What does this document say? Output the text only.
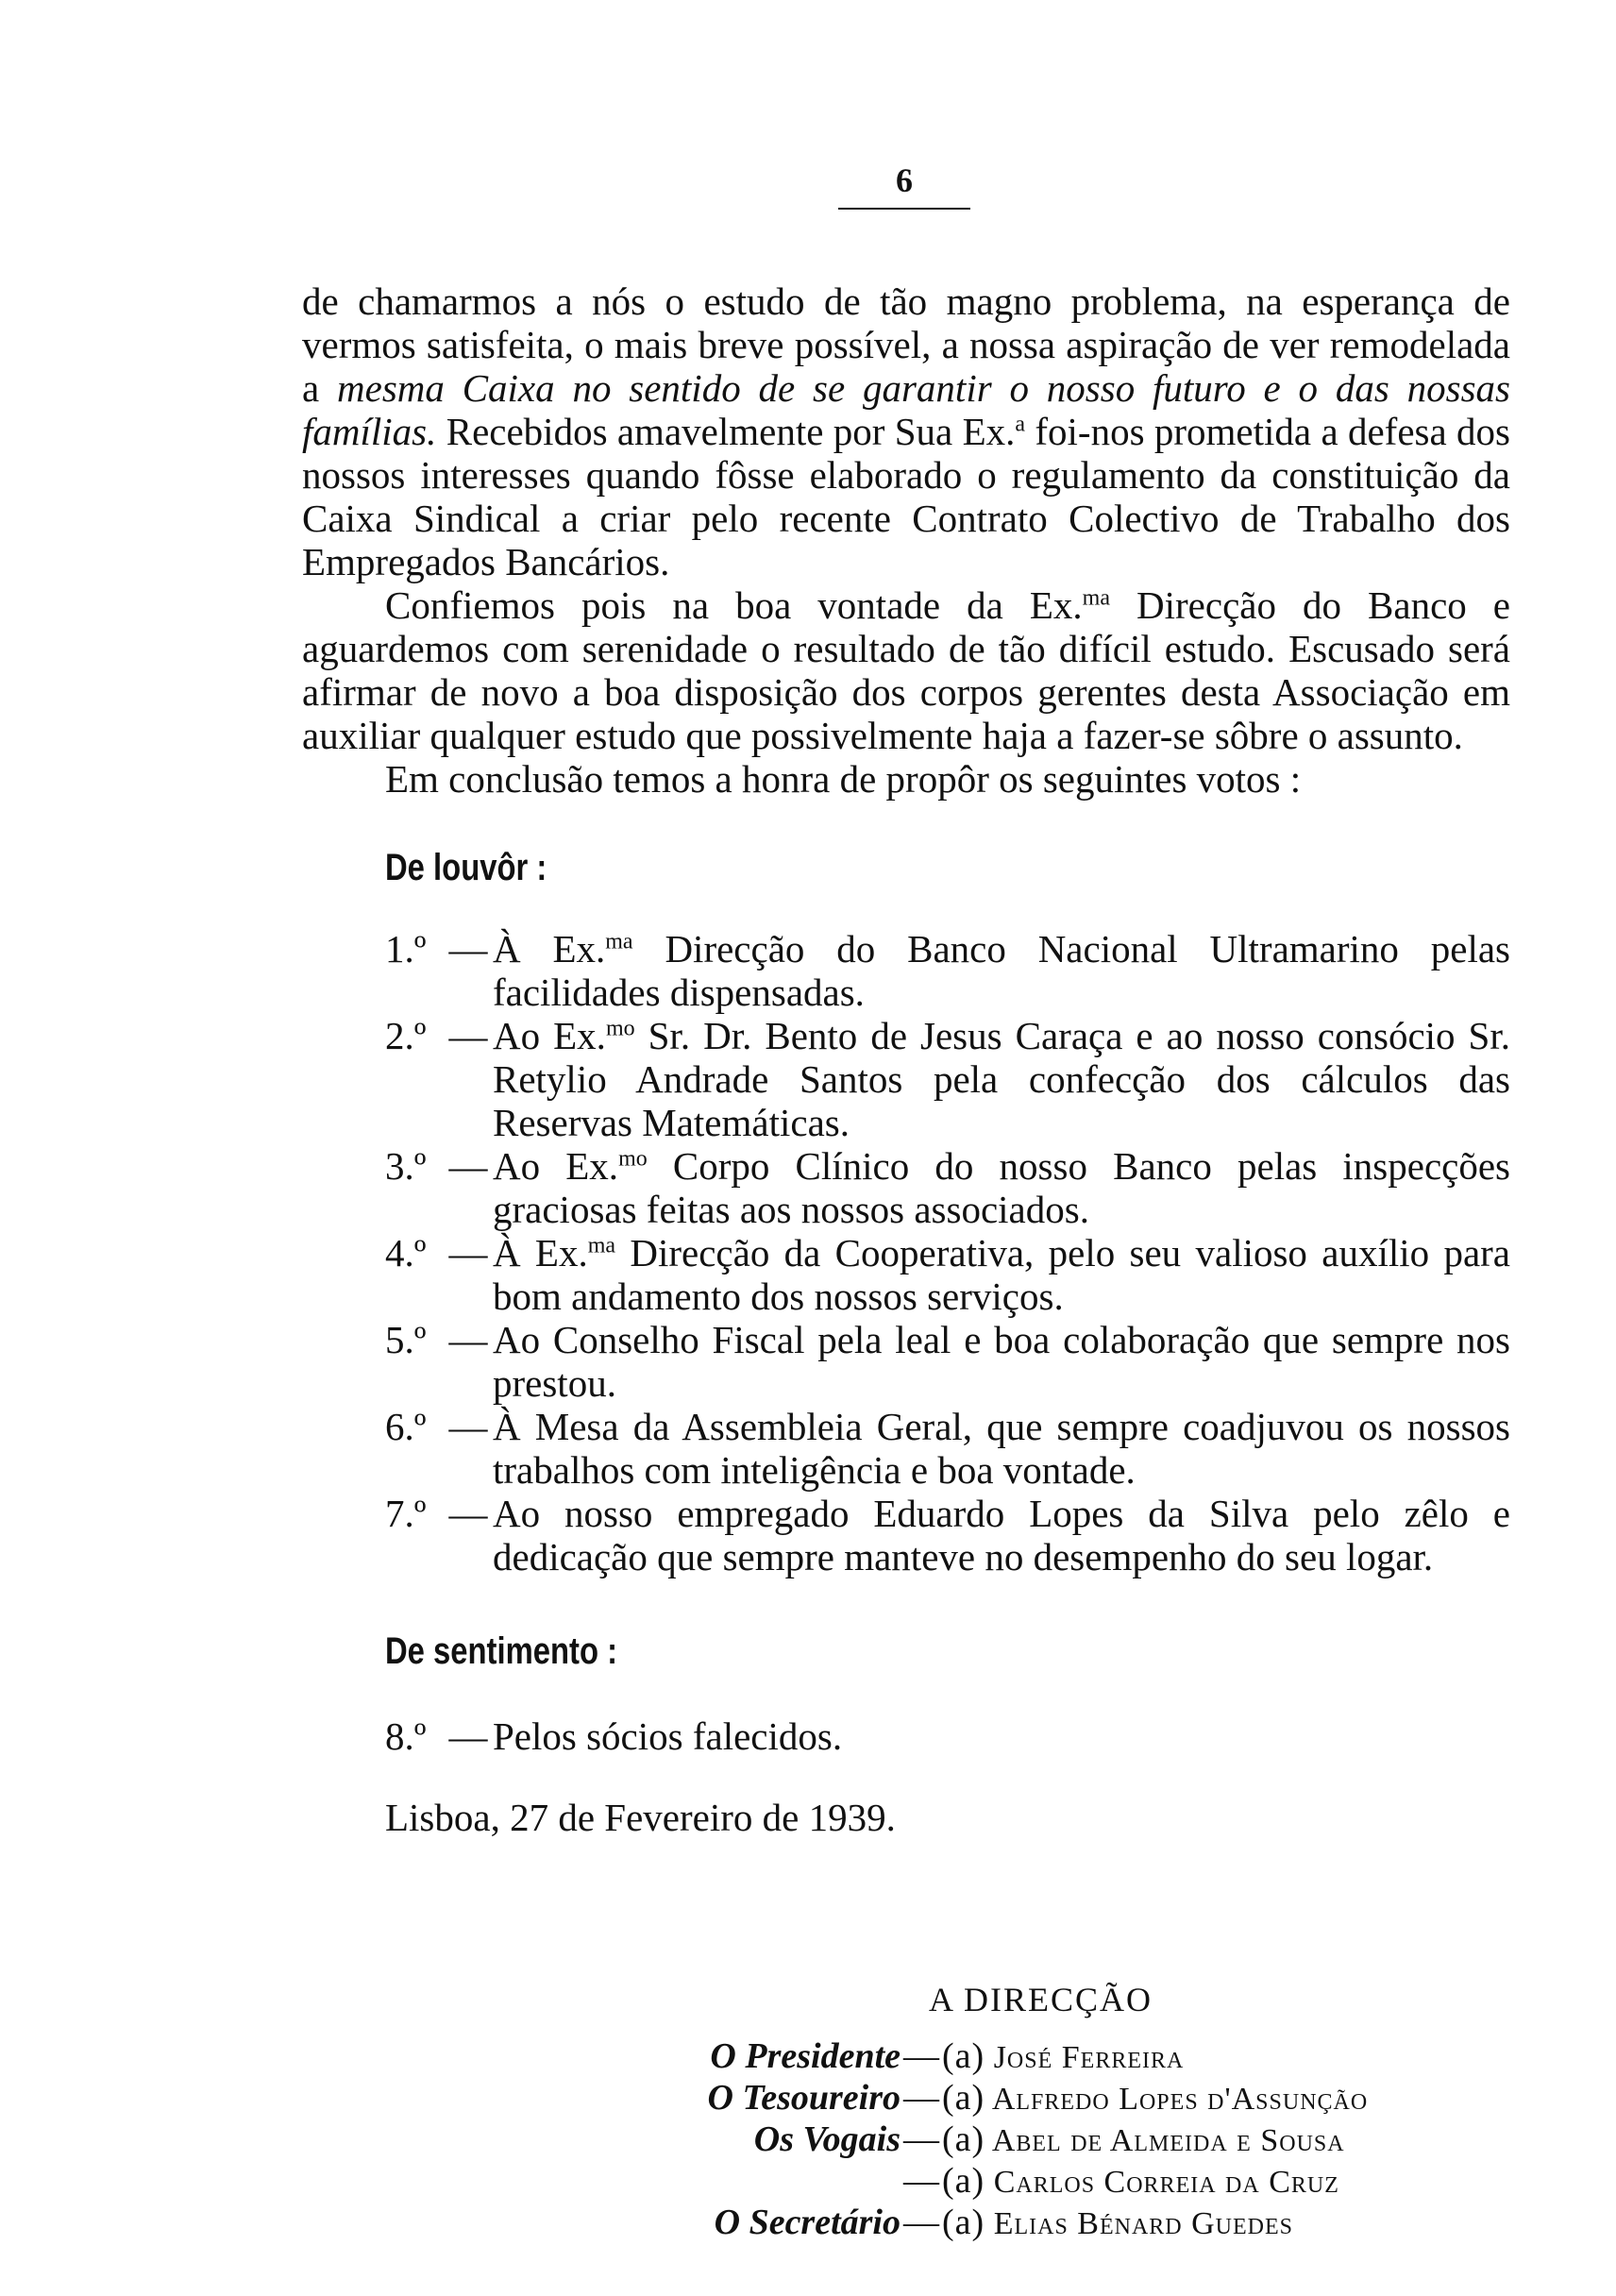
6

de chamarmos a nós o estudo de tão magno problema, na esperança de vermos satisfeita, o mais breve possível, a nossa aspiração de ver remodelada a mesma Caixa no sentido de se garantir o nosso futuro e o das nossas famílias. Recebidos amavelmente por Sua Ex.$^a$ foi-nos prometida a defesa dos nossos interesses quando fôsse elaborado o regulamento da constituição da Caixa Sindical a criar pelo recente Contrato Colectivo de Trabalho dos Empregados Bancários.

Confiemos pois na boa vontade da Ex.$^{ma}$ Direcção do Banco e aguardemos com serenidade o resultado de tão difícil estudo. Escusado será afirmar de novo a boa disposição dos corpos gerentes desta Associação em auxiliar qualquer estudo que possivelmente haja a fazer-se sôbre o assunto.

Em conclusão temos a honra de propôr os seguintes votos :

De louvôr :
1.º — À Ex.$^{ma}$ Direcção do Banco Nacional Ultramarino pelas facilidades dispensadas.
2.º — Ao Ex.$^{mo}$ Sr. Dr. Bento de Jesus Caraça e ao nosso consócio Sr. Retylio Andrade Santos pela confecção dos cálculos das Reservas Matemáticas.
3.º — Ao Ex.$^{mo}$ Corpo Clínico do nosso Banco pelas inspecções graciosas feitas aos nossos associados.
4.º — À Ex.$^{ma}$ Direcção da Cooperativa, pelo seu valioso auxílio para bom andamento dos nossos serviços.
5.º — Ao Conselho Fiscal pela leal e boa colaboração que sempre nos prestou.
6.º — À Mesa da Assembleia Geral, que sempre coadjuvou os nossos trabalhos com inteligência e boa vontade.
7.º — Ao nosso empregado Eduardo Lopes da Silva pelo zêlo e dedicação que sempre manteve no desempenho do seu logar.
De sentimento :
8.º — Pelos sócios falecidos.

Lisboa, 27 de Fevereiro de 1939.

A DIRECÇÃO
O Presidente — (a) José Ferreira
O Tesoureiro — (a) Alfredo Lopes d'Assunção
Os Vogais — (a) Abel de Almeida e Sousa
— (a) Carlos Correia da Cruz
O Secretário — (a) Elias Bénard Guedes
